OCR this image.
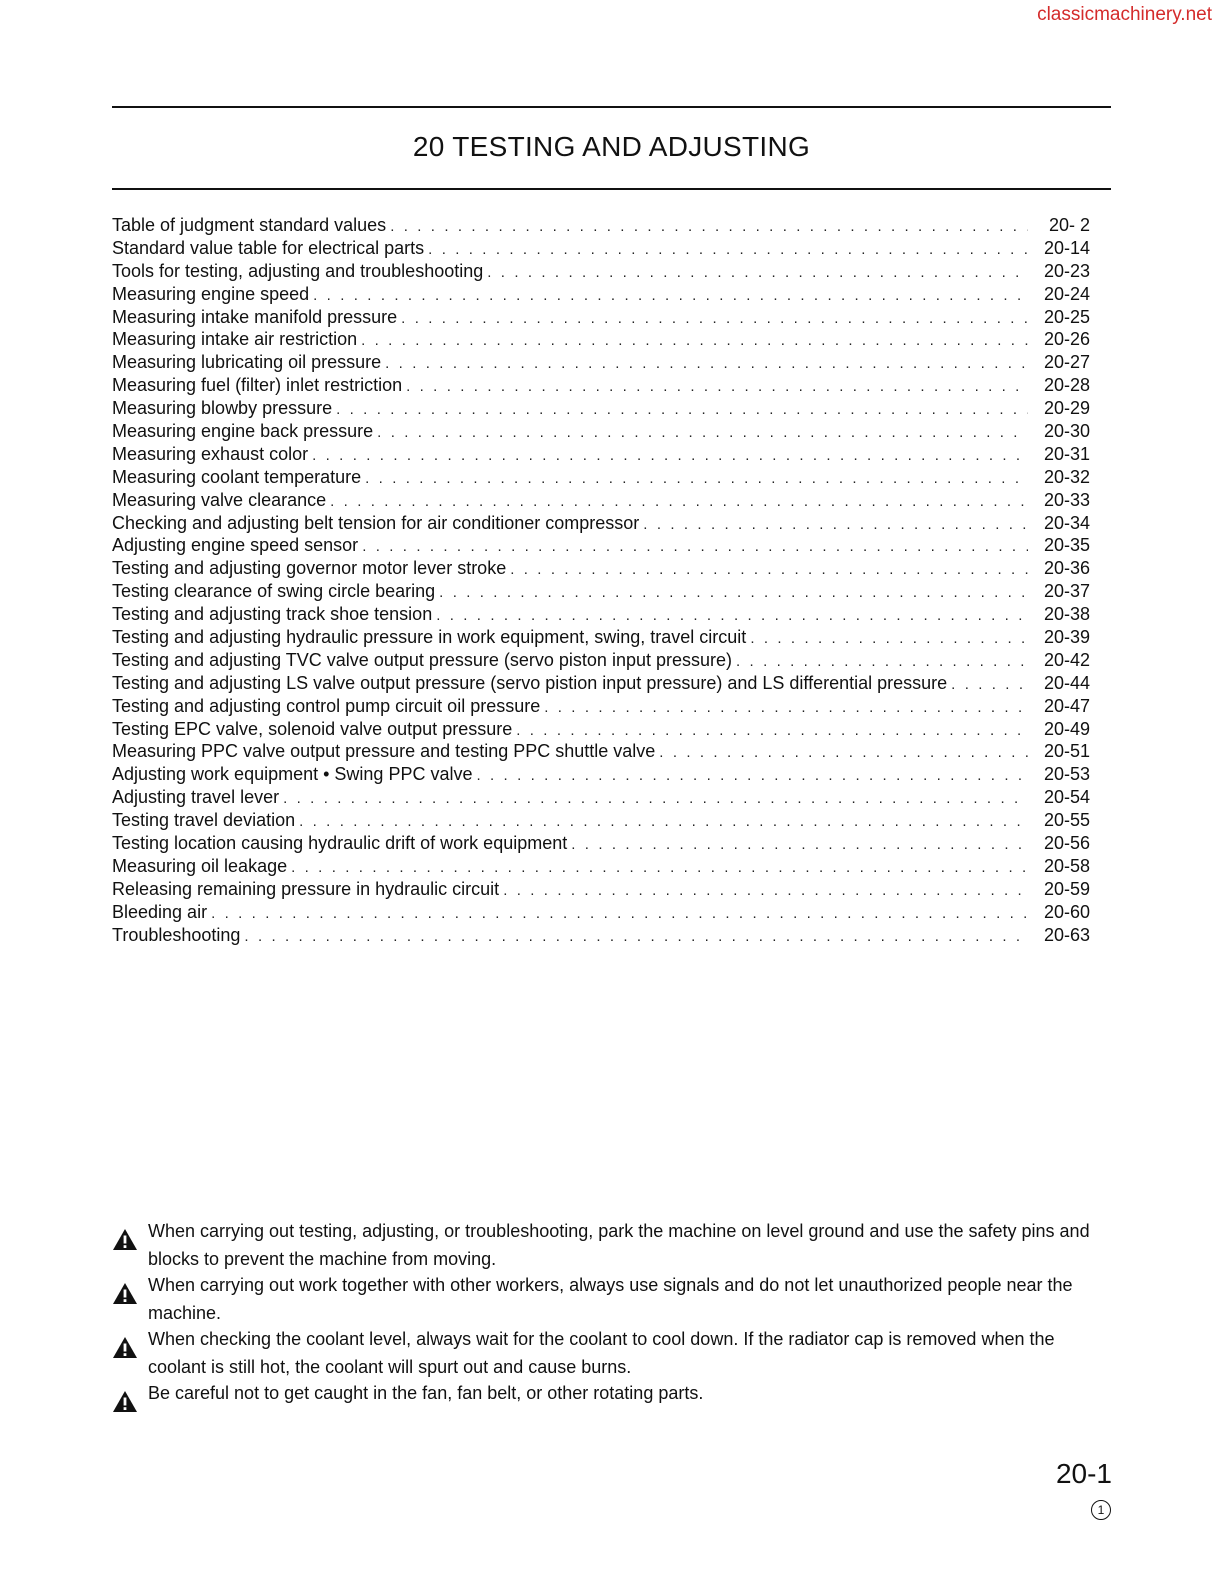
classicmachinery.net
20 TESTING AND ADJUSTING
Table of judgment standard values . . .	20- 2
Standard value table for electrical parts . . .	20-14
Tools for testing, adjusting and troubleshooting . . .	20-23
Measuring engine speed . . .	20-24
Measuring intake manifold pressure . . .	20-25
Measuring intake air restriction . . .	20-26
Measuring lubricating oil pressure . . .	20-27
Measuring fuel (filter) inlet restriction . . .	20-28
Measuring blowby pressure . . .	20-29
Measuring engine back pressure . . .	20-30
Measuring exhaust color . . .	20-31
Measuring coolant temperature . . .	20-32
Measuring valve clearance . . .	20-33
Checking and adjusting belt tension for air conditioner compressor . . .	20-34
Adjusting engine speed sensor . . .	20-35
Testing and adjusting governor motor lever stroke . . .	20-36
Testing clearance of swing circle bearing . . .	20-37
Testing and adjusting track shoe tension . . .	20-38
Testing and adjusting hydraulic pressure in work equipment, swing, travel circuit . . .	20-39
Testing and adjusting TVC valve output pressure (servo piston input pressure) . . .	20-42
Testing and adjusting LS valve output pressure (servo pistion input pressure) and LS differential pressure . . .	20-44
Testing and adjusting control pump circuit oil pressure . . .	20-47
Testing EPC valve, solenoid valve output pressure . . .	20-49
Measuring PPC valve output pressure and testing PPC shuttle valve . . .	20-51
Adjusting work equipment • Swing PPC valve . . .	20-53
Adjusting travel lever . . .	20-54
Testing travel deviation . . .	20-55
Testing location causing hydraulic drift of work equipment . . .	20-56
Measuring oil leakage . . .	20-58
Releasing remaining pressure in hydraulic circuit . . .	20-59
Bleeding air . . .	20-60
Troubleshooting . . .	20-63
When carrying out testing, adjusting, or troubleshooting, park the machine on level ground and use the safety pins and blocks to prevent the machine from moving.
When carrying out work together with other workers, always use signals and do not let unauthorized people near the machine.
When checking the coolant level, always wait for the coolant to cool down. If the radiator cap is removed when the coolant is still hot, the coolant will spurt out and cause burns.
Be careful not to get caught in the fan, fan belt, or other rotating parts.
20-1
1
